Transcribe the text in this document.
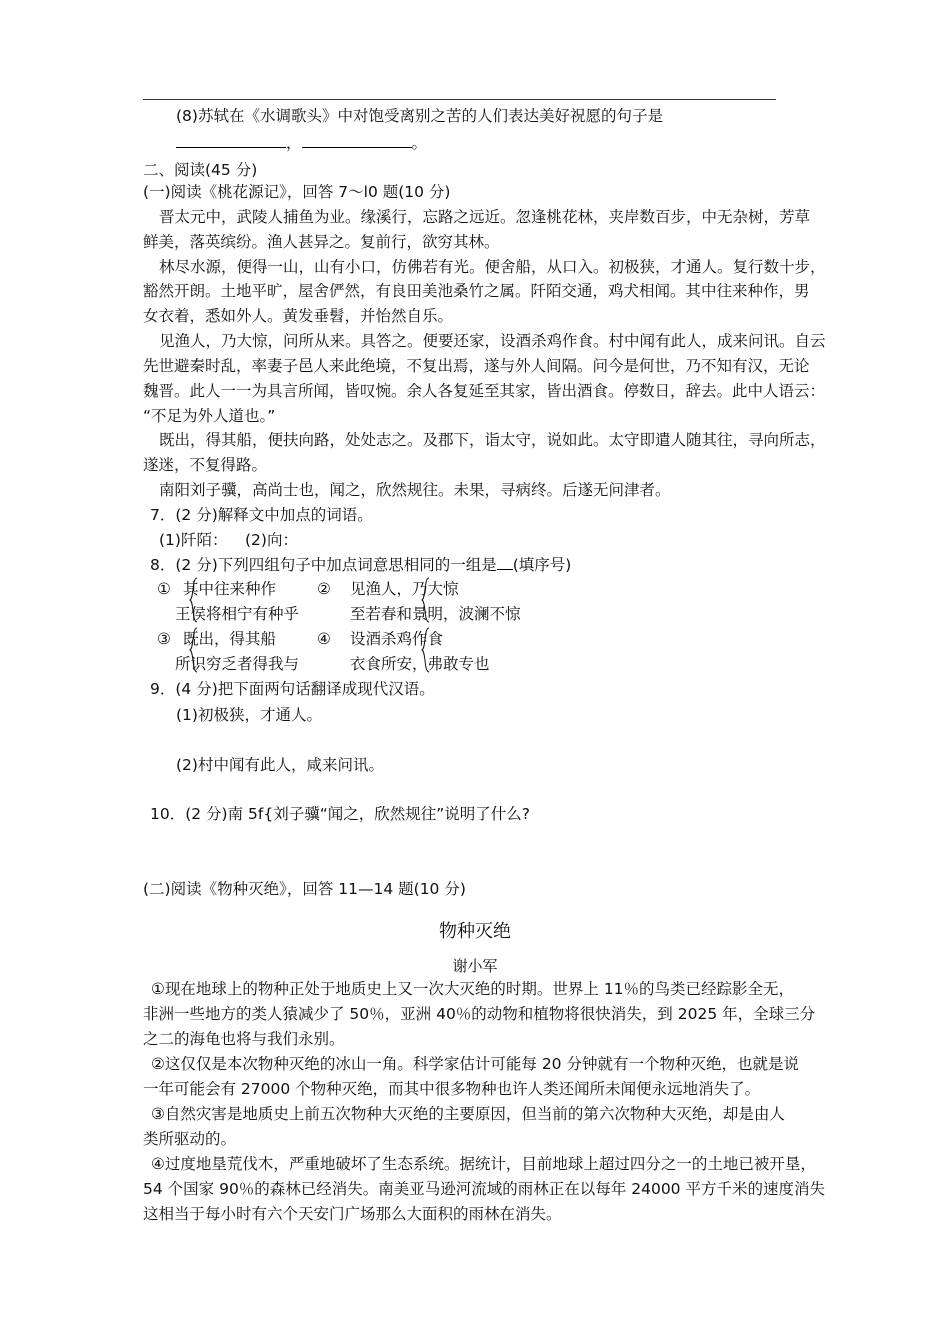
(8)苏轼在《水调歌头》中对饱受离别之苦的人们表达美好祝愿的句子是
，	。
二、阅读(45 分)
(一)阅读《桃花源记》，回答 7～l0 题(10 分)
晋太元中，武陵人捕鱼为业。缘溪行，忘路之远近。忽逢桃花林，夹岸数百步，中无杂树，芳草
鲜美，落英缤纷。渔人甚异之。复前行，欲穷其林。
林尽水源，便得一山，山有小口，仿佛若有光。便舍船，从口入。初极狭，才通人。复行数十步，
豁然开朗。土地平旷，屋舍俨然，有良田美池桑竹之属。阡陌交通，鸡犬相闻。其中往来种作，男
女衣着，悉如外人。黄发垂髫，并怡然自乐。
见渔人，乃大惊，问所从来。具答之。便要还家，设酒杀鸡作食。村中闻有此人，成来问讯。自云
先世避秦时乱，率妻子邑人来此绝境，不复出焉，遂与外人间隔。问今是何世，乃不知有汉，无论
魏晋。此人一一为具言所闻，皆叹惋。余人各复延至其家，皆出酒食。停数日，辞去。此中人语云：
“不足为外人道也。”
既出，得其船，便扶向路，处处志之。及郡下，诣太守，说如此。太守即遣人随其往，寻向所志，
遂迷，不复得路。
南阳刘子骥，高尚士也，闻之，欣然规往。未果，寻病终。后遂无问津者。
7．(2 分)解释文中加点的词语。
(1)阡陌： (2)向：
8．(2 分)下列四组句子中加点词意思相同的一组是 (填序号)
① 其中往来种作
王侯将相宁有种乎
② 见渔人，乃大惊
至若春和景明，波澜不惊
③ 既出，得其船
所识穷乏者得我与
④ 设酒杀鸡作食
衣食所安，弗敢专也
9．(4 分)把下面两句话翻译成现代汉语。
(1)初极狭，才通人。
(2)村中闻有此人，咸来问讯。
10．(2 分)南 5f{刘子骥“闻之，欣然规往”说明了什么?
(二)阅读《物种灭绝》，回答 11—14 题(10 分)
物种灭绝
谢小军
①现在地球上的物种正处于地质史上又一次大灭绝的时期。世界上 11％的鸟类已经踪影全无，
非洲一些地方的类人猿减少了 50％，亚洲 40％的动物和植物将很快消失，到 2025 年，全球三分
之二的海龟也将与我们永别。
②这仅仅是本次物种灭绝的冰山一角。科学家估计可能每 20 分钟就有一个物种灭绝，也就是说
一年可能会有 27000 个物种灭绝，而其中很多物种也许人类还闻所未闻便永远地消失了。
③自然灾害是地质史上前五次物种大灭绝的主要原因，但当前的第六次物种大灭绝，却是由人
类所驱动的。
④过度地垦荒伐木，严重地破坏了生态系统。据统计，目前地球上超过四分之一的土地已被开垦，
54 个国家 90％的森林已经消失。南美亚马逊河流域的雨林正在以每年 24000 平方千米的速度消失
这相当于每小时有六个天安门广场那么大面积的雨林在消失。
